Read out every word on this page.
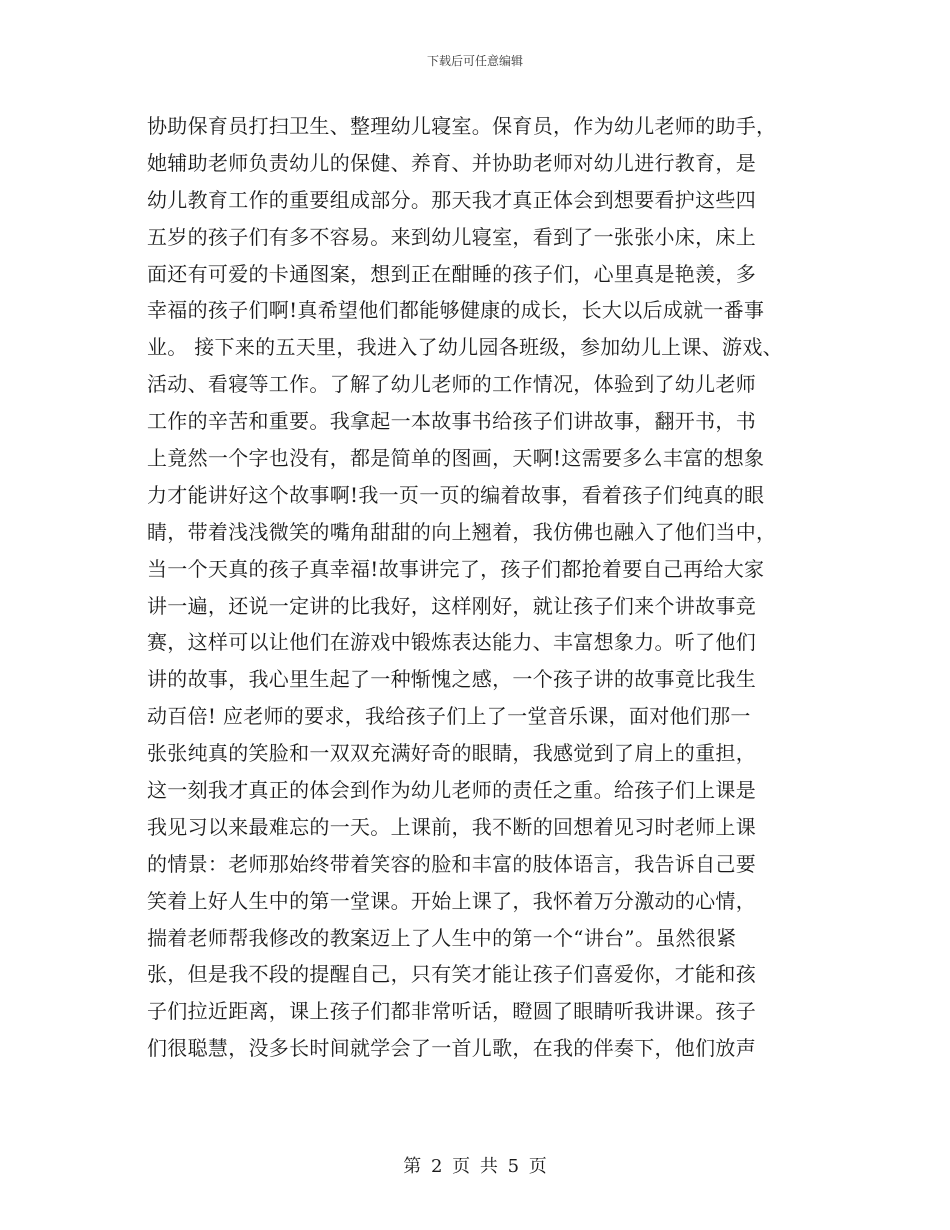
下载后可任意编辑
协助保育员打扫卫生、整理幼儿寝室。保育员，作为幼儿老师的助手，
她辅助老师负责幼儿的保健、养育、并协助老师对幼儿进行教育，是
幼儿教育工作的重要组成部分。那天我才真正体会到想要看护这些四
五岁的孩子们有多不容易。来到幼儿寝室，看到了一张张小床，床上
面还有可爱的卡通图案，想到正在酣睡的孩子们，心里真是艳羡，多
幸福的孩子们啊!真希望他们都能够健康的成长，长大以后成就一番事
业。 接下来的五天里，我进入了幼儿园各班级，参加幼儿上课、游戏、
活动、看寝等工作。了解了幼儿老师的工作情况，体验到了幼儿老师
工作的辛苦和重要。我拿起一本故事书给孩子们讲故事，翻开书，书
上竟然一个字也没有，都是简单的图画，天啊!这需要多么丰富的想象
力才能讲好这个故事啊!我一页一页的编着故事，看着孩子们纯真的眼
睛，带着浅浅微笑的嘴角甜甜的向上翘着，我仿佛也融入了他们当中，
当一个天真的孩子真幸福!故事讲完了，孩子们都抢着要自己再给大家
讲一遍，还说一定讲的比我好，这样刚好，就让孩子们来个讲故事竞
赛，这样可以让他们在游戏中锻炼表达能力、丰富想象力。听了他们
讲的故事，我心里生起了一种惭愧之感，一个孩子讲的故事竟比我生
动百倍! 应老师的要求，我给孩子们上了一堂音乐课，面对他们那一
张张纯真的笑脸和一双双充满好奇的眼睛，我感觉到了肩上的重担，
这一刻我才真正的体会到作为幼儿老师的责任之重。给孩子们上课是
我见习以来最难忘的一天。上课前，我不断的回想着见习时老师上课
的情景：老师那始终带着笑容的脸和丰富的肢体语言，我告诉自己要
笑着上好人生中的第一堂课。开始上课了，我怀着万分激动的心情，
揣着老师帮我修改的教案迈上了人生中的第一个“讲台”。虽然很紧
张，但是我不段的提醒自己，只有笑才能让孩子们喜爱你，才能和孩
子们拉近距离，课上孩子们都非常听话，瞪圆了眼睛听我讲课。孩子
们很聪慧，没多长时间就学会了一首儿歌，在我的伴奏下，他们放声
第 2 页 共 5 页
